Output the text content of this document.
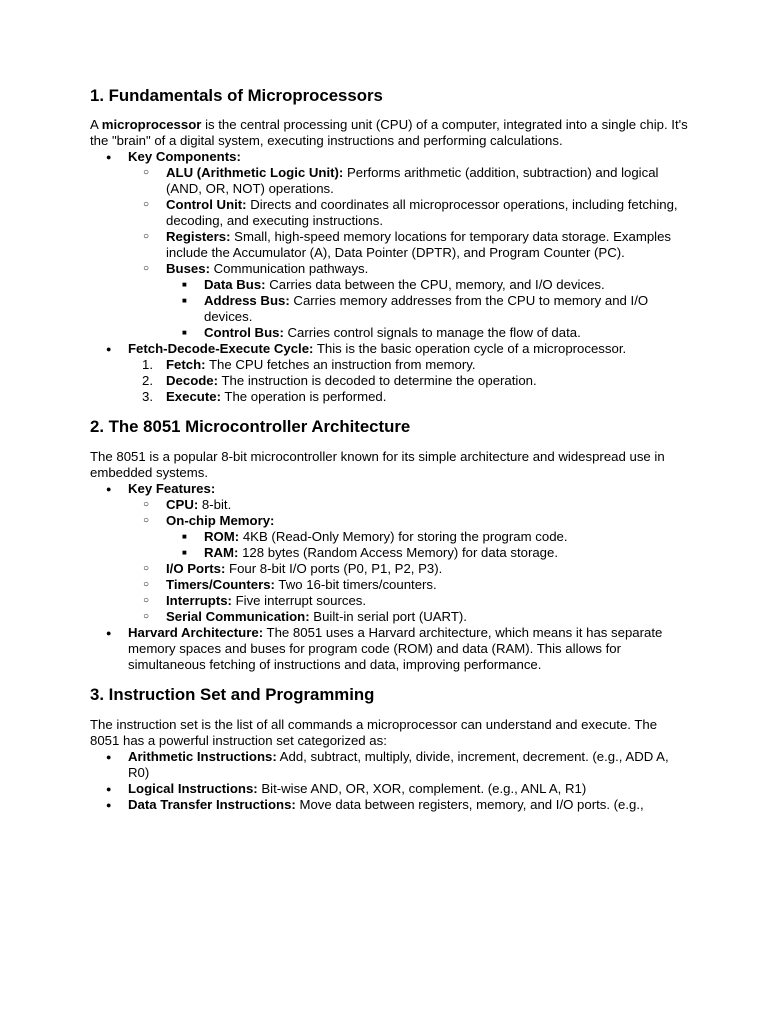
1. Fundamentals of Microprocessors

A microprocessor is the central processing unit (CPU) of a computer, integrated into a single chip. It's the "brain" of a digital system, executing instructions and performing calculations.

● Key Components:
○ ALU (Arithmetic Logic Unit): Performs arithmetic (addition, subtraction) and logical (AND, OR, NOT) operations.
○ Control Unit: Directs and coordinates all microprocessor operations, including fetching, decoding, and executing instructions.
○ Registers: Small, high-speed memory locations for temporary data storage. Examples include the Accumulator (A), Data Pointer (DPTR), and Program Counter (PC).
○ Buses: Communication pathways.
■ Data Bus: Carries data between the CPU, memory, and I/O devices.
■ Address Bus: Carries memory addresses from the CPU to memory and I/O devices.
■ Control Bus: Carries control signals to manage the flow of data.
● Fetch-Decode-Execute Cycle: This is the basic operation cycle of a microprocessor.
1. Fetch: The CPU fetches an instruction from memory.
2. Decode: The instruction is decoded to determine the operation.
3. Execute: The operation is performed.
2. The 8051 Microcontroller Architecture

The 8051 is a popular 8-bit microcontroller known for its simple architecture and widespread use in embedded systems.

● Key Features:
○ CPU: 8-bit.
○ On-chip Memory:
■ ROM: 4KB (Read-Only Memory) for storing the program code.
■ RAM: 128 bytes (Random Access Memory) for data storage.
○ I/O Ports: Four 8-bit I/O ports (P0, P1, P2, P3).
○ Timers/Counters: Two 16-bit timers/counters.
○ Interrupts: Five interrupt sources.
○ Serial Communication: Built-in serial port (UART).
● Harvard Architecture: The 8051 uses a Harvard architecture, which means it has separate memory spaces and buses for program code (ROM) and data (RAM). This allows for simultaneous fetching of instructions and data, improving performance.
3. Instruction Set and Programming

The instruction set is the list of all commands a microprocessor can understand and execute. The 8051 has a powerful instruction set categorized as:

● Arithmetic Instructions: Add, subtract, multiply, divide, increment, decrement. (e.g., ADD A, R0)
● Logical Instructions: Bit-wise AND, OR, XOR, complement. (e.g., ANL A, R1)
● Data Transfer Instructions: Move data between registers, memory, and I/O ports. (e.g.,
